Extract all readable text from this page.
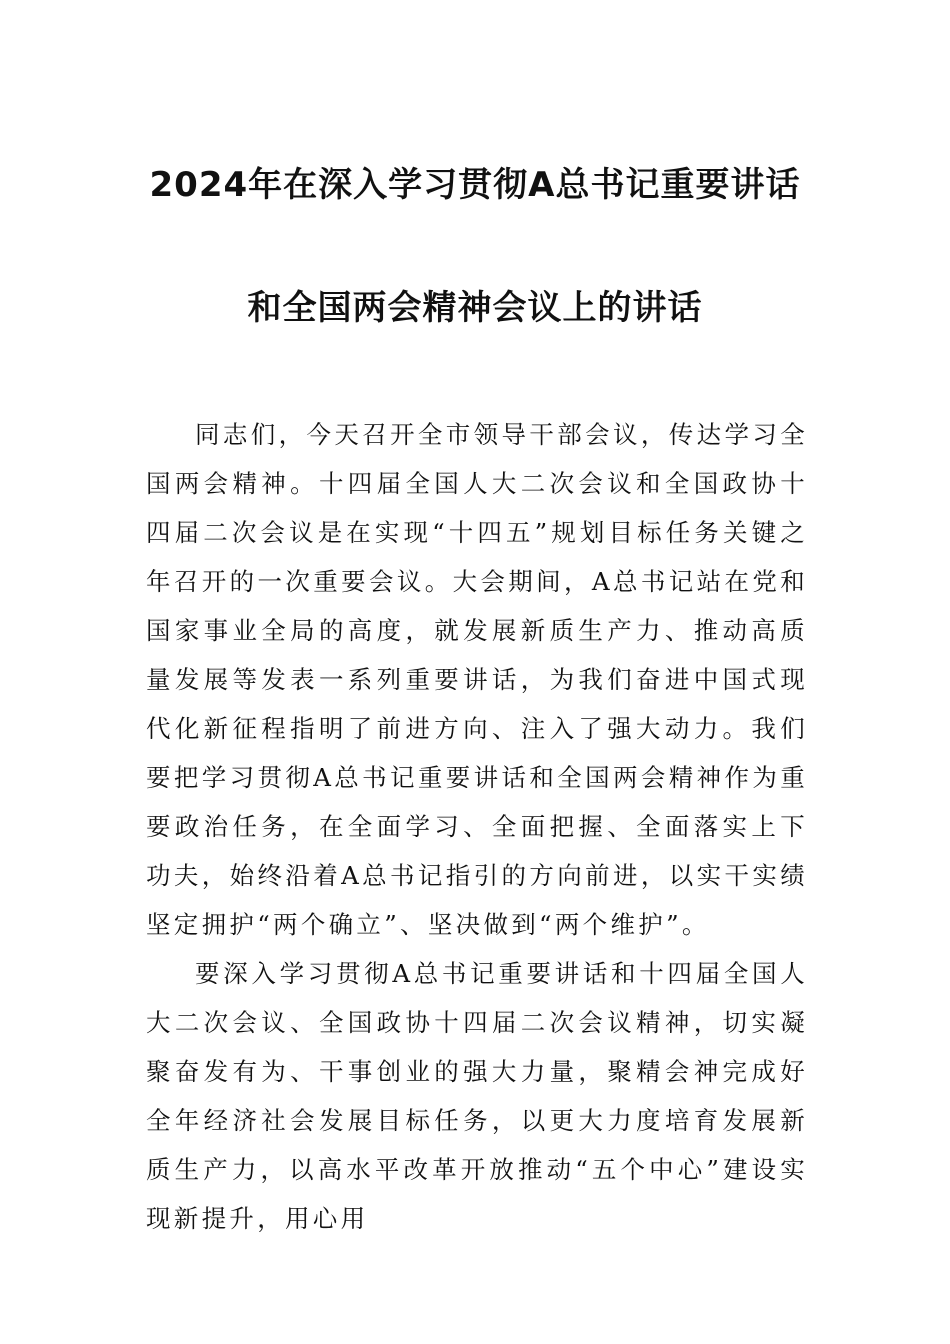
2024年在深入学习贯彻A总书记重要讲话
和全国两会精神会议上的讲话

同志们，今天召开全市领导干部会议，传达学习全国两会精神。十四届全国人大二次会议和全国政协十四届二次会议是在实现“十四五”规划目标任务关键之年召开的一次重要会议。大会期间，A总书记站在党和国家事业全局的高度，就发展新质生产力、推动高质量发展等发表一系列重要讲话，为我们奋进中国式现代化新征程指明了前进方向、注入了强大动力。我们要把学习贯彻A总书记重要讲话和全国两会精神作为重要政治任务，在全面学习、全面把握、全面落实上下功夫，始终沿着A总书记指引的方向前进，以实干实绩坚定拥护“两个确立”、坚决做到“两个维护”。

要深入学习贯彻A总书记重要讲话和十四届全国人大二次会议、全国政协十四届二次会议精神，切实凝聚奋发有为、干事创业的强大力量，聚精会神完成好全年经济社会发展目标任务，以更大力度培育发展新质生产力，以高水平改革开放推动“五个中心”建设实现新提升，用心用
